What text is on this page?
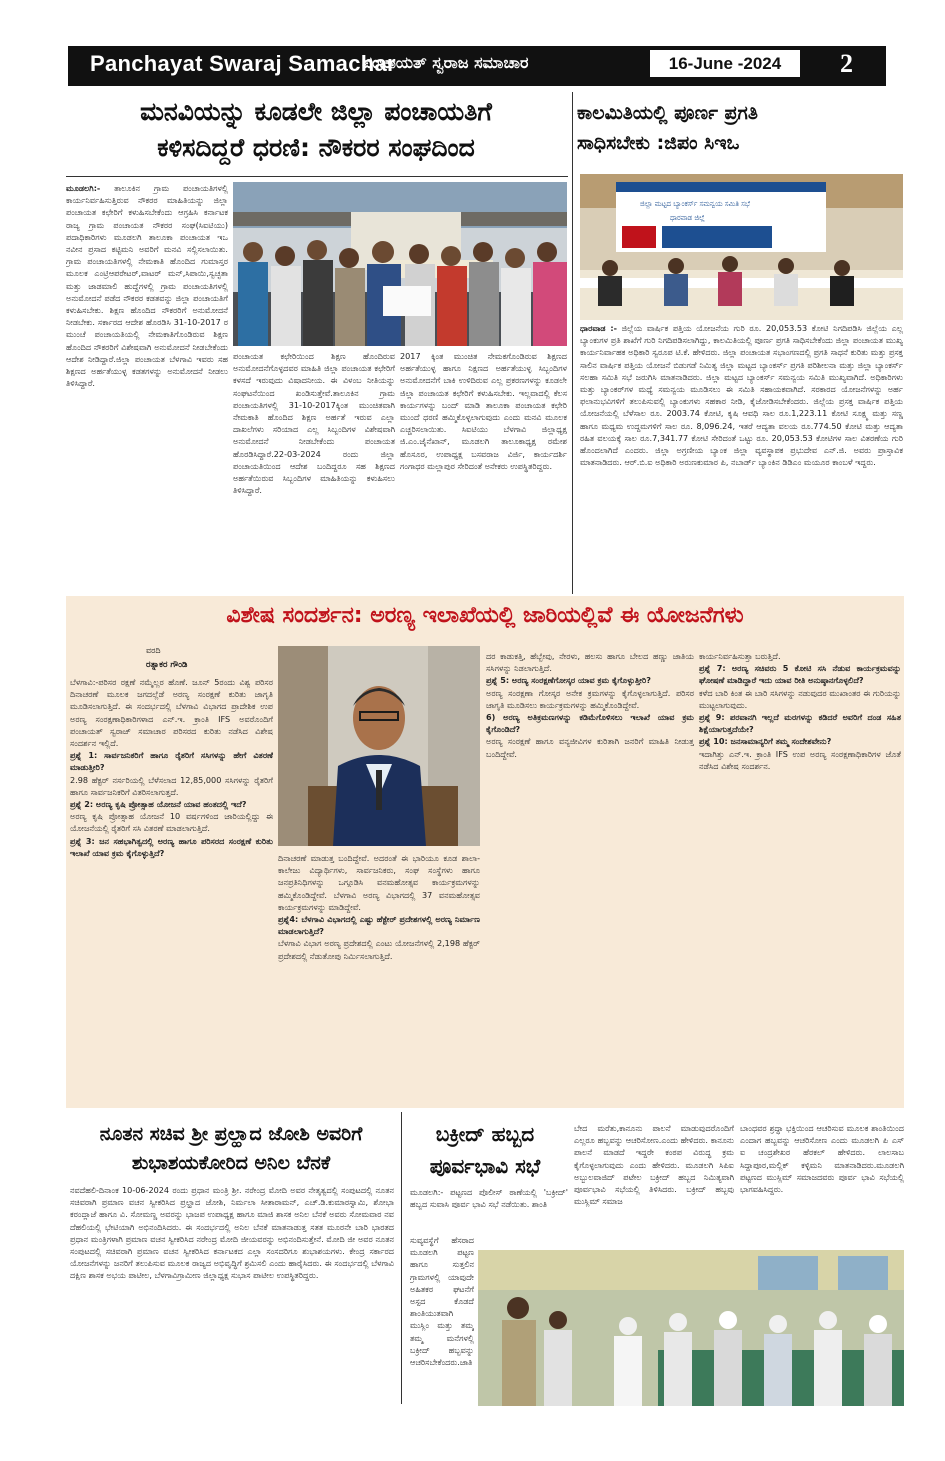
Panchayat Swaraj Samachar
ಪಂಚಾಯತ್ ಸ್ವರಾಜ ಸಮಾಚಾರ	16-June -2024	2
ಮನವಿಯನ್ನು ಕೂಡಲೇ ಜಿಲ್ಲಾ ಪಂಚಾಯತಿಗೆ
ಕಳಿಸದಿದ್ದರೆ ಧರಣಿ: ನೌಕರರ ಸಂಘದಿಂದ
ಮೂಡಲಗಿ:- ತಾಲೂಕಿನ ಗ್ರಾಮ ಪಂಚಾಯತಿಗಳಲ್ಲಿ ಕಾರ್ಯನಿರ್ವಹಿಸುತ್ತಿರುವ ನೌಕರರ ಮಾಹಿತಿಯನ್ನು ಜಿಲ್ಲಾ ಪಂಚಾಯತ ಕಛೇರಿಗೆ ಕಳುಹಿಸಬೇಕೆಂದು ಆಗ್ರಹಿಸಿ ಕರ್ನಾಟಕ ರಾಜ್ಯ ಗ್ರಾಮ ಪಂಚಾಯತ ನೌಕರರ ಸಂಘ(ಸಿಐಟಿಯು) ಪದಾಧಿಕಾರಿಗಳು ಮೂಡಲಗಿ ತಾಲೂಕಾ ಪಂಚಾಯತ ಇಒ ನವೀನ ಪ್ರಸಾದ ಕಟ್ಟಿಮನಿ ಅವರಿಗೆ ಮನವಿ ಸಲ್ಲಿಸಲಾಯಿತು. ಗ್ರಾಮ ಪಂಚಾಯತಿಗಳಲ್ಲಿ ನೇಮಕಾತಿ ಹೊಂದಿದ ಗುಮಾಸ್ತರ ಮೂಲಕ ಎಂಟ್ರಿಆಪರೇಟರ್,ವಾಟರ್ ಮನ್,ಸಿಪಾಯಿ,ಸ್ವಚ್ಛತಾ ಮತ್ತು ಜಾಡಮಾಲಿ ಹುದ್ದೆಗಳಲ್ಲಿ ಗ್ರಾಮ ಪಂಚಾಯತಿಗಳಲ್ಲಿ ಅನುಮೋದನೆ ಪಡೆದ ನೌಕರರ ಕಡತವನ್ನು ಜಿಲ್ಲಾ ಪಂಚಾಯತಿಗೆ ಕಳುಹಿಸಬೇಕು. ಶಿಕ್ಷಣ ಹೊಂದಿದ ನೌಕರರಿಗೆ ಅನುಮೋದನೆ ನೀಡಬೇಕು. ಸರ್ಕಾರದ ಆದೇಶ ಹೊರಡಿಸಿ 31-10-2017 ರ ಮುಂಚೆ ಪಂಚಾಯತಿಯಲ್ಲಿ ನೇಮಕಾತಿಗೊಂಡಿರುವ ಶಿಕ್ಷಣ ಹೊಂದಿದ ನೌಕರರಿಗೆ ವಿಶೇಷವಾಗಿ ಅನುಮೋದನೆ ನೀಡಬೇಕೆಂದು ಆದೇಶ ನೀಡಿದ್ದಾರೆ.ಜಿಲ್ಲಾ ಪಂಚಾಯತ ಬೆಳಗಾವಿ ಇವರು ಸಹ ಶಿಕ್ಷಣದ ಅರ್ಹತೆಯುಳ್ಳ ಕಡತಗಳನ್ನು ಅನುಮೋದನೆ ನೀಡಲು ತಿಳಿಸಿದ್ದಾರೆ.
ಪಂಚಾಯತ ಕಛೇರಿಯಿಂದ ಶಿಕ್ಷಣ ಹೊಂದಿರುವ ಅನುಮೋದನೆಗೊಳ್ಳದವರ ಮಾಹಿತಿ ಜಿಲ್ಲಾ ಪಂಚಾಯತ ಕಛೇರಿಗೆ ಕಳಸದೆ ಇರುವುದು ವಿಷಾದನೀಯ. ಈ ವಿಳಂಬ ನೀತಿಯನ್ನು ಸಂಘಟನೆಯಿಂದ ಖಂಡಿಸುತ್ತೇವೆ.ತಾಲೂಕಿನ ಗ್ರಾಮ ಪಂಚಾಯತಿಗಳಲ್ಲಿ 31-10-2017ಕ್ಕಿಂತ ಮುಂಚಿತವಾಗಿ ನೇಮಕಾತಿ ಹೊಂದಿದ ಶಿಕ್ಷಣ ಅರ್ಹತೆ ಇರುವ ಎಲ್ಲಾ ದಾಖಲೆಗಳು ಸರಿಯಾದ ಎಲ್ಲ ಸಿಬ್ಬಂದಿಗಳ ವಿಶೇಷವಾಗಿ ಅನುಮೋದನೆ ನೀಡಬೇಕೆಂದು ಪಂಚಾಯತ ಹೊರಡಿಸಿದ್ದಾರೆ.22-03-2024 ರಂದು ಜಿಲ್ಲಾ ಪಂಚಾಯತಿಯಿಂದ ಆದೇಶ ಬಂದಿದ್ದರೂ ಸಹ ಶಿಕ್ಷಣದ ಅರ್ಹತೆಯಿರುವ ಸಿಬ್ಬಂದಿಗಳ ಮಾಹಿತಿಯನ್ನು ಕಳುಹಿಸಲು ತಿಳಿಸಿದ್ದಾರೆ.
2017 ಕ್ಕಿಂತ ಮುಂಚಿತ ನೇಮಕಗೊಂಡಿರುವ ಶಿಕ್ಷಣದ ಅರ್ಹತೆಯುಳ್ಳ ಹಾಗೂ ನಿಕ್ಷಣದ ಅರ್ಹತೆಯುಳ್ಳ ಸಿಬ್ಬಂದಿಗಳ ಅನುಮೋದನೆಗೆ ಬಾಕಿ ಉಳಿದಿರುವ ಎಲ್ಲ ಪ್ರಕರಣಗಳನ್ನು ಕೂಡಲೇ ಜಿಲ್ಲಾ ಪಂಚಾಯತ ಕಛೇರಿಗೆ ಕಳುಹಿಸಬೇಕು. ಇಲ್ಲವಾದಲ್ಲಿ ಕೆಲಸ ಕಾರ್ಯಗಳನ್ನು ಬಂದ್ ಮಾಡಿ ತಾಲೂಕಾ ಪಂಚಾಯತ ಕಛೇರಿ ಮುಂದೆ ಧರಣಿ ಹಮ್ಮಿಕೊಳ್ಳಲಾಗುವುದು ಎಂದು ಮನವಿ ಮೂಲಕ ಎಚ್ಚರಿಸಲಾಯಿತು. ಸಿಐಟಿಯು ಬೆಳಗಾವಿ ಜಿಲ್ಲಾಧ್ಯಕ್ಷ ಜಿ.ಎಂ.ಜೈನೆಖಾನ್, ಮೂಡಲಗಿ ತಾಲೂಕಾಧ್ಯಕ್ಷ ರಮೇಶ ಹೊಸೂರ, ಉಪಾಧ್ಯಕ್ಷ ಬಸವರಾಜ ವಿರ್ಜಿ, ಕಾರ್ಯದರ್ಶಿ ಗಂಗಾಧರ ಮಲ್ಲಾಪುರ ಸೇರಿದಂತೆ ಅನೇಕರು ಉಪಸ್ಥಿತರಿದ್ದರು.
ಕಾಲಮಿತಿಯಲ್ಲಿ ಪೂರ್ಣ ಪ್ರಗತಿ
ಸಾಧಿಸಬೇಕು :ಜಿಪಂ ಸಿಇಒ
ಜಿಲ್ಲಾ ಮಟ್ಟದ ಬ್ಯಾಂಕರ್ಸ್ ಸಮನ್ವಯ ಸಮಿತಿ ಸಭೆ
ಧಾರವಾಡ ಜಿಲ್ಲೆ
ಧಾರವಾಡ :- ಜಿಲ್ಲೆಯ ವಾರ್ಷಿಕ ಪತ್ತಿಯ ಯೋಜನೆಯ ಗುರಿ ರೂ. 20,053.53 ಕೋಟಿ ನಿಗದಿಪಡಿಸಿ ಜಿಲ್ಲೆಯ ಎಲ್ಲ ಬ್ಯಾಂಕುಗಳ ಪ್ರತಿ ಶಾಖೆಗೆ ಗುರಿ ನಿಗದಿಪಡಿಸಲಾಗಿದ್ದು, ಕಾಲಮಿತಿಯಲ್ಲಿ ಪೂರ್ಣ ಪ್ರಗತಿ ಸಾಧಿಸಬೇಕೆಂದು ಜಿಲ್ಲಾ ಪಂಚಾಯತ ಮುಖ್ಯ ಕಾರ್ಯನಿರ್ವಾಹಕ ಅಧಿಕಾರಿ ಸ್ವರೂಪ ಟಿ.ಕೆ. ಹೇಳಿದರು. ಜಿಲ್ಲಾ ಪಂಚಾಯತ ಸಭಾಂಗಣದಲ್ಲಿ ಪ್ರಗತಿ ಸಾಧನೆ ಕುರಿತು ಮತ್ತು ಪ್ರಸಕ್ತ ಸಾಲಿನ ವಾರ್ಷಿಕ ಪತ್ತಿಯ ಯೋಜನೆ ಬಿಡುಗಡೆ ನಿಮಿತ್ಯ ಜಿಲ್ಲಾ ಮಟ್ಟದ ಬ್ಯಾಂಕರ್ಸ್ ಪ್ರಗತಿ ಪರಿಶೀಲನಾ ಮತ್ತು ಜಿಲ್ಲಾ ಬ್ಯಾಂಕರ್ಸ್ ಸಲಹಾ ಸಮಿತಿ ಸಭೆ ಜರುಗಿಸಿ ಮಾತನಾಡಿದರು. ಜಿಲ್ಲಾ ಮಟ್ಟದ ಬ್ಯಾಂಕರ್ಸ್ ಸಮನ್ವಯ ಸಮಿತಿ ಮುಖ್ಯವಾಗಿದೆ. ಅಧಿಕಾರಿಗಳು ಮತ್ತು ಬ್ಯಾಂಕರ್‌ಗಳ ಮಧ್ಯೆ ಸಮನ್ವಯ ಮೂಡಿಸಲು ಈ ಸಮಿತಿ ಸಹಾಯಕವಾಗಿದೆ. ಸರಕಾರದ ಯೋಜನೆಗಳನ್ನು ಅರ್ಹ ಫಲಾನುಭವಿಗಳಿಗೆ ತಲುಪಿಸುವಲ್ಲಿ ಬ್ಯಾಂಕುಗಳು ಸಹಕಾರ ನೀಡಿ, ಕೈಜೋಡಿಸಬೇಕೆಂದರು. ಜಿಲ್ಲೆಯ ಪ್ರಸಕ್ತ ವಾರ್ಷಿಕ ಪತ್ತಿಯ ಯೋಜನೆಯಲ್ಲಿ ಬೆಳೆಸಾಲ ರೂ. 2003.74 ಕೋಟಿ, ಕೃಷಿ ಆವಧಿ ಸಾಲ ರೂ.1,223.11 ಕೋಟಿ ಸೂಕ್ಷ್ಮ ಮತ್ತು ಸಣ್ಣ ಹಾಗೂ ಮಧ್ಯಮ ಉದ್ದಮಗಳಿಗೆ ಸಾಲ ರೂ. 8,096.24, ಇತರೆ ಆದ್ಯತಾ ವಲಯ ರೂ.774.50 ಕೋಟಿ ಮತ್ತು ಆದ್ಯತಾ ರಹಿತ ವಲಯಕ್ಕೆ ಸಾಲ ರೂ.7,341.77 ಕೋಟಿ ಸೇರಿದಂತೆ ಒಟ್ಟು ರೂ. 20,053.53 ಕೋಟಿಗಳ ಸಾಲ ವಿತರಣೆಯ ಗುರಿ ಹೊಂದಲಾಗಿದೆ ಎಂದರು. ಜಿಲ್ಲಾ ಅಗ್ರಣೀಯ ಬ್ಯಾಂಕ ಜಿಲ್ಲಾ ವ್ಯವಸ್ಥಾಪಕ ಪ್ರಭುದೇವ ಎನ್.ಜಿ. ಅವರು ಪ್ರಾಸ್ತಾವಿಕ ಮಾತನಾಡಿದರು. ಆರ್.ಬಿ.ಐ ಅಧಿಕಾರಿ ಅರುಣಕುಮಾರ ಪಿ, ನಬಾರ್ಡ್ ಬ್ಯಾಂಕಿನ ಡಿಡಿಎಂ ಮಯೂರ ಕಾಂಬಳೆ ಇದ್ದರು.
ವಿಶೇಷ ಸಂದರ್ಶನ: ಅರಣ್ಯ ಇಲಾಖೆಯಲ್ಲಿ ಜಾರಿಯಲ್ಲಿವೆ ಈ ಯೋಜನೆಗಳು
ವರದಿ
ರತ್ನಾಕರ ಗೌಂಡಿ
ಬೆಳಗಾವಿ:-ಪರಿಸರ ರಕ್ಷಣೆ ನಮ್ಮೆಲ್ಲರ ಹೊಣೆ. ಜೂನ್ 5ರಂದು ವಿಶ್ವ ಪರಿಸರ ದಿನಾಚರಣೆ ಮೂಲಕ ಜಗದಲ್ಲೆಡೆ ಅರಣ್ಯ ಸಂರಕ್ಷಣೆ ಕುರಿತು ಜಾಗೃತಿ ಮೂಡಿಸಲಾಗುತ್ತಿದೆ. ಈ ಸಂದರ್ಭದಲ್ಲಿ ಬೆಳಗಾವಿ ವಿಭಾಗದ ಪ್ರಾದೇಶಿಕ ಉಪ ಅರಣ್ಯ ಸಂರಕ್ಷಣಾಧಿಕಾರಿಗಳಾದ ಎನ್.ಇ. ಕ್ರಾಂತಿ IFS ಅವರೊಂದಿಗೆ ಪಂಚಾಯತ್ ಸ್ವರಾಜ್ ಸಮಾಚಾರ ಪರಿಸರದ ಕುರಿತು ನಡೆಸಿದ ವಿಶೇಷ ಸಂದರ್ಶನ ಇಲ್ಲಿದೆ.
ಪ್ರಶ್ನೆ 1: ಸಾರ್ವಜನಿಕರಿಗೆ ಹಾಗೂ ರೈತರಿಗೆ ಸಸಿಗಳನ್ನು ಹೇಗೆ ವಿತರಣೆ ಮಾಡುತ್ತೀರಿ?
2.98 ಹೆಕ್ಟರ್ ನರ್ಸರಿಯಲ್ಲಿ ಬೆಳೆಸಲಾದ 12,85,000 ಸಸಿಗಳನ್ನು ರೈತರಿಗೆ ಹಾಗೂ ಸಾರ್ವಜನಿಕರಿಗೆ ವಿತರಿಸಲಾಗುತ್ತದೆ.
ಪ್ರಶ್ನೆ 2: ಅರಣ್ಯ ಕೃಷಿ ಪ್ರೋತ್ಸಾಹ ಯೋಜನೆ ಯಾವ ಹಂತದಲ್ಲಿ ಇದೆ?
ಅರಣ್ಯ ಕೃಷಿ ಪ್ರೋತ್ಸಾಹ ಯೋಜನೆ 10 ವರ್ಷಗಳಿಂದ ಜಾರಿಯಲ್ಲಿದ್ದು ಈ ಯೋಜನೆಯಲ್ಲಿ ರೈತರಿಗೆ ಸಸಿ ವಿತರಣೆ ಮಾಡಲಾಗುತ್ತಿದೆ.
ಪ್ರಶ್ನೆ 3: ಜನ ಸಹಭಾಗಿತ್ವದಲ್ಲಿ ಅರಣ್ಯ ಹಾಗೂ ಪರಿಸರದ ಸಂರಕ್ಷಣೆ ಕುರಿತು ಇಲಾಖೆ ಯಾವ ಕ್ರಮ ಕೈಗೊಳ್ಳುತ್ತಿದೆ?
ದಿನಾಚರಣೆ ಮಾಡುತ್ತ ಬಂದಿದ್ದೇವೆ. ಅದರಂತೆ ಈ ಭಾರಿಯೂ ಕೂಡ ಶಾಲಾ-ಕಾಲೇಜು ವಿದ್ಯಾರ್ಥಿಗಳು, ಸಾರ್ವಜನಿಕರು, ಸಂಘ ಸಂಸ್ಥೆಗಳು ಹಾಗೂ ಜನಪ್ರತಿನಿಧಿಗಳನ್ನು ಒಗ್ಗೂಡಿಸಿ ವನಮಹೋತ್ಸವ ಕಾರ್ಯಕ್ರಮಗಳನ್ನು ಹಮ್ಮಿಕೊಂಡಿದ್ದೇವೆ. ಬೆಳಗಾವಿ ಅರಣ್ಯ ವಿಭಾಗದಲ್ಲಿ 37 ವನಮಹೋತ್ಸವ ಕಾರ್ಯಕ್ರಮಗಳನ್ನು ಮಾಡಿದ್ದೇವೆ.
ಪ್ರಶ್ನೆ4: ಬೆಳಗಾವಿ ವಿಭಾಗದಲ್ಲಿ ಎಷ್ಟು ಹೆಕ್ಟೇರ್ ಪ್ರದೇಶಗಳಲ್ಲಿ ಅರಣ್ಯ ನಿರ್ಮಾಣ ಮಾಡಲಾಗುತ್ತಿದೆ?
ಬೆಳಗಾವಿ ವಿಭಾಗ ಅರಣ್ಯ ಪ್ರದೇಶದಲ್ಲಿ ಎಂಟು ಯೋಜನೆಗಳಲ್ಲಿ 2,198 ಹೆಕ್ಟರ್ ಪ್ರದೇಶದಲ್ಲಿ ನೆಡುತೋಪು ನಿರ್ಮಿಸಲಾಗುತ್ತಿದೆ.
ದರ ಕಾಡುಕತ್ತಿ, ಹೆಬ್ಬೇವು, ನೇರಳು, ಹಲಸು ಹಾಗೂ ಬೇಲದ ಹಣ್ಣು ಜಾತಿಯ ಸಸಿಗಳನ್ನು ನಿಡಲಾಗುತ್ತಿದೆ.
ಪ್ರಶ್ನೆ 5: ಅರಣ್ಯ ಸಂರಕ್ಷಣೆಗೋಸ್ಕರ ಯಾವ ಕ್ರಮ ಕೈಗೊಳ್ಳುತ್ತೀರಿ?
ಅರಣ್ಯ ಸಂರಕ್ಷಣಾ ಗೋಸ್ಕರ ಅನೇಕ ಕ್ರಮಗಳನ್ನು ಕೈಗೊಳ್ಳಲಾಗುತ್ತಿದೆ. ಪರಿಸರ ಜಾಗೃತಿ ಮೂಡಿಸಲು ಕಾರ್ಯಕ್ರಮಗಳನ್ನು ಹಮ್ಮಿಕೊಂಡಿದ್ದೇವೆ.
6) ಅರಣ್ಯ ಅತಿಕ್ರಮಣಗಳನ್ನು ಕಡಿಮೆಗೊಳಿಸಲು ಇಲಾಖೆ ಯಾವ ಕ್ರಮ ಕೈಗೊಂಡಿದೆ?
ಅರಣ್ಯ ಸಂರಕ್ಷಣೆ ಹಾಗೂ ವನ್ಯಜೀವಿಗಳ ಕುರಿತಾಗಿ ಜನರಿಗೆ ಮಾಹಿತಿ ನೀಡುತ್ತ ಬಂದಿದ್ದೇವೆ.
ಕಾರ್ಯನಿರ್ವಹಿಸುತ್ತಾ ಬರುತ್ತಿದೆ.
ಪ್ರಶ್ನೆ 7: ಅರಣ್ಯ ಸಚಿವರು 5 ಕೋಟಿ ಸಸಿ ನೆಡುವ ಕಾರ್ಯಕ್ರಮವನ್ನು ಘೋಷಣೆ ಮಾಡಿದ್ದಾರೆ ಇದು ಯಾವ ರೀತಿ ಅನುಷ್ಠಾನಗೊಳ್ಳಲಿದೆ?
ಕಳೆದ ಬಾರಿ ಕಿಂತ ಈ ಬಾರಿ ಸಸಿಗಳನ್ನು ನಡುವುದರ ಮುಖಾಂತರ ಈ ಗುರಿಯನ್ನು ಮುಟ್ಟಲಾಗುವುದು.
ಪ್ರಶ್ನೆ 9: ಪರವಾನಗಿ ಇಲ್ಲದೆ ಮರಗಳನ್ನು ಕಡಿದರೆ ಅವರಿಗೆ ದಂಡ ಸಹಿತ ಶಿಕ್ಷೆಯಾಗುತ್ತದೆಯೇ?
ಪ್ರಶ್ನೆ 10: ಜನಸಾಮಾನ್ಯರಿಗೆ ತಮ್ಮ ಸಂದೇಶವೇನು?
ಇದಾಗಿತ್ತು ಎನ್.ಇ. ಕ್ರಾಂತಿ IFS ಉಪ ಅರಣ್ಯ ಸಂರಕ್ಷಣಾಧಿಕಾರಿಗಳ ಜೊತೆ ನಡೆಸಿದ ವಿಶೇಷ ಸಂದರ್ಶನ.
ನೂತನ ಸಚಿವ ಶ್ರೀ ಪ್ರಲ್ಹಾದ ಜೋಶಿ ಅವರಿಗೆ
ಶುಭಾಶಯಕೋರಿದ ಅನಿಲ ಬೆನಕೆ
ನವದೆಹಲಿ-ದಿನಾಂಕ 10-06-2024 ರಂದು ಪ್ರಧಾನ ಮಂತ್ರಿ ಶ್ರೀ. ನರೇಂದ್ರ ಮೋದಿ ಅವರ ನೇತೃತ್ವದಲ್ಲಿ ಸಂಪುಟದಲ್ಲಿ ನೂತನ ಸಚಿವರಾಗಿ ಪ್ರಮಾಣ ವಚನ ಸ್ವೀಕರಿಸಿದ ಪ್ರಲ್ಹಾದ ಜೋಶಿ, ನಿರ್ಮಲಾ ಸೀತಾರಾಮನ್, ಎಚ್.ಡಿ.ಕುಮಾರಸ್ವಾಮಿ, ಶೋಭಾ ಕರಂದ್ಲಾಜೆ ಹಾಗೂ ವಿ. ಸೋಮಣ್ಣ ಅವರನ್ನು ಭಾಜಪ ಉಪಾಧ್ಯಕ್ಷ ಹಾಗೂ ಮಾಜಿ ಶಾಸಕ ಅನಿಲ ಬೆನಕೆ ಅವರು ಸೋಮವಾರ ನವ ದೆಹಲಿಯಲ್ಲಿ ಭೇಟಿಯಾಗಿ ಅಭಿನಂದಿಸಿದರು. ಈ ಸಂದರ್ಭದಲ್ಲಿ ಅನಿಲ ಬೆನಕೆ ಮಾತನಾಡುತ್ತ ಸತತ ಮೂರನೇ ಬಾರಿ ಭಾರತದ ಪ್ರಧಾನ ಮಂತ್ರಿಗಳಾಗಿ ಪ್ರಮಾಣ ವಚನ ಸ್ವೀಕರಿಸಿದ ನರೇಂದ್ರ ಮೋದಿ ಜೀಯವರನ್ನು ಅಭಿನಂದಿಸುತ್ತೇನೆ. ಮೋದಿ ಜೀ ಅವರ ನೂತನ ಸಂಪುಟದಲ್ಲಿ ಸಚಿವರಾಗಿ ಪ್ರಮಾಣ ವಚನ ಸ್ವೀಕರಿಸಿದ ಕರ್ನಾಟಕದ ಎಲ್ಲಾ ಸಂಸದರಿಗೂ ಶುಭಾಶಯಗಳು. ಕೇಂದ್ರ ಸರ್ಕಾರದ ಯೋಜನೆಗಳನ್ನು ಜನರಿಗೆ ತಲುಪಿಸುವ ಮೂಲಕ ರಾಜ್ಯದ ಅಭಿವೃದ್ಧಿಗೆ ಶ್ರಮಿಸಲಿ ಎಂದು ಹಾರೈಸಿದರು. ಈ ಸಂದರ್ಭದಲ್ಲಿ ಬೆಳಗಾವಿ ದಕ್ಷಿಣ ಶಾಸಕ ಅಭಯ ಪಾಟೀಲ, ಬೆಳಗಾವಿಗ್ರಾಮೀಣ ಜಿಲ್ಲಾಧ್ಯಕ್ಷ ಸುಭಾಸ ಪಾಟೀಲ ಉಪಸ್ಥಿತರಿದ್ದರು.
ಬಕ್ರೀದ್ ಹಬ್ಬದ
ಪೂರ್ವಭಾವಿ ಸಭೆ
ಮೂಡಲಗಿ:- ಪಟ್ಟಣದ ಪೊಲೀಸ್ ಠಾಣೆಯಲ್ಲಿ 'ಬಕ್ರೀದ್' ಹಬ್ಬದ ಸುವಾಸಿ ಪೂರ್ವ ಭಾವಿ ಸಭೆ ನಡೆಯಿತು. ಶಾಂತಿ
ಸುವ್ಯವಸ್ಥೆಗೆ ಹೆಸರಾದ ಮೂಡಲಗಿ ಪಟ್ಟಣ ಹಾಗೂ ಸುತ್ತಲಿನ ಗ್ರಾಮಗಳಲ್ಲಿ ಯಾವುದೇ ಅಹಿತಕರ ಘಟನೆಗೆ ಅಸ್ಪದ ಕೊಡದೆ ಶಾಂತಿಯುತವಾಗಿ ಮುಸ್ಲಿಂ ಮತ್ತು ತಮ್ಮ ತಮ್ಮ ಮನೆಗಳಲ್ಲಿ ಬಕ್ರೀದ್ ಹಬ್ಬವನ್ನು ಆಚರಿಸಬೇಕೆಂದರು.ಜಾತಿ
ಬೇದ ಮರೆತು,ಕಾನೂನು ಪಾಲನೆ ಮಾಡುವುದರೊಂದಿಗೆ ಎಲ್ಲರೂ ಹಬ್ಬವನ್ನು ಆಚರಿಸೋಣ.ಎಂದು ಹೇಳಿದರು. ಕಾನೂನು ಪಾಲನೆ ಮಾಡದೆ ಇದ್ದರೇ ಕಂಠಪ ವಿರುದ್ಧ ಕ್ರಮ ಕೈಗೊಳ್ಳಲಾಗುವುದು ಎಂದು ಹೇಳಿದರು. ಮೂಡಲಗಿ ಸಿಪಿಐ ಅಬ್ಬುಲವಾಜಿದ್ ಪಟೇಲ ಬಕ್ರೀದ್ ಹಬ್ಬದ ನಿಮಿತ್ಯವಾಗಿ ಪೂರ್ವಭಾವಿ ಸಭೆಯಲ್ಲಿ ತಿಳಿಸಿದರು. ಬಕ್ರೀದ್ ಹಬ್ಬವು ಮುಸ್ಲಿಮ್ ಸಮಾಜ
ಬಾಂಧವರ ಶ್ರದ್ಧಾ ಭಕ್ತಿಯಿಂದ ಆಚರಿಸುವ ಮೂಲಕ ಶಾಂತಿಯಿಂದ ಎಂದಾಗ ಹಬ್ಬವನ್ನು ಆಚರಿಸೋಣ ಎಂದು ಮೂಡಲಗಿ ಪಿ ಎಸ್ ಐ ಚಂದ್ರಶೇಖರ ಹೆರಕಲ್ ಹೇಳಿದರು. ಲಾಲಸಾಬ ಸಿದ್ದಾಪೂರ,ಮಲ್ಲಿಕ್ ಕಳ್ಳಿಮನಿ ಮಾತನಾಡಿದರು.ಮೂಡಲಗಿ ಪಟ್ಟಣದ ಮುಸ್ಲಿಮ್ ಸಮಾಜದವರು ಪೂರ್ವ ಭಾವಿ ಸಭೆಯಲ್ಲಿ ಭಾಗವಹಿಸಿದ್ದರು.
